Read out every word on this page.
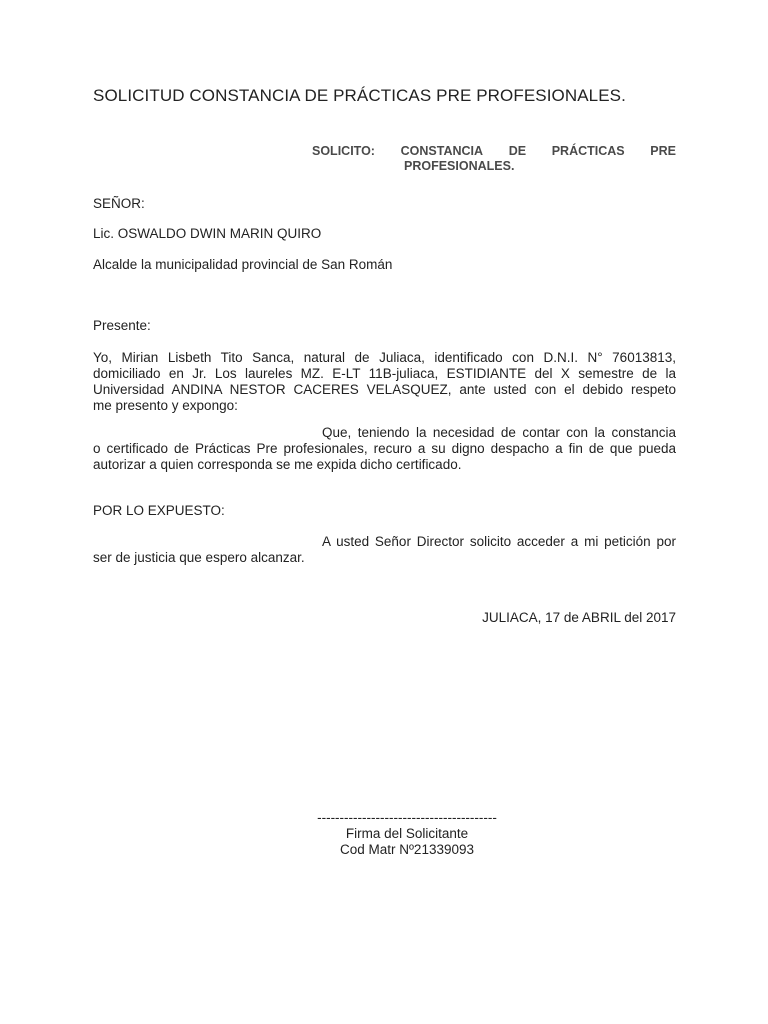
SOLICITUD CONSTANCIA DE PRÁCTICAS PRE PROFESIONALES.
SOLICITO: CONSTANCIA DE PRÁCTICAS PRE
PROFESIONALES.
SEÑOR:
Lic. OSWALDO DWIN MARIN QUIRO
Alcalde la municipalidad provincial de San Román
Presente:
Yo, Mirian Lisbeth Tito Sanca, natural de Juliaca, identificado con D.N.I. N° 76013813,
domiciliado en Jr. Los laureles MZ. E-LT 11B-juliaca, ESTIDIANTE del X semestre de la
Universidad ANDINA NESTOR CACERES VELASQUEZ, ante usted con el debido respeto
me presento y expongo:
Que, teniendo la necesidad de contar con la constancia
o certificado de Prácticas Pre profesionales, recuro a su digno despacho a fin de que pueda
autorizar a quien corresponda se me expida dicho certificado.
POR LO EXPUESTO:
A usted Señor Director solicito acceder a mi petición por
ser de justicia que espero alcanzar.
JULIACA, 17 de ABRIL del 2017
----------------------------------------
Firma del Solicitante
Cod Matr Nº21339093
